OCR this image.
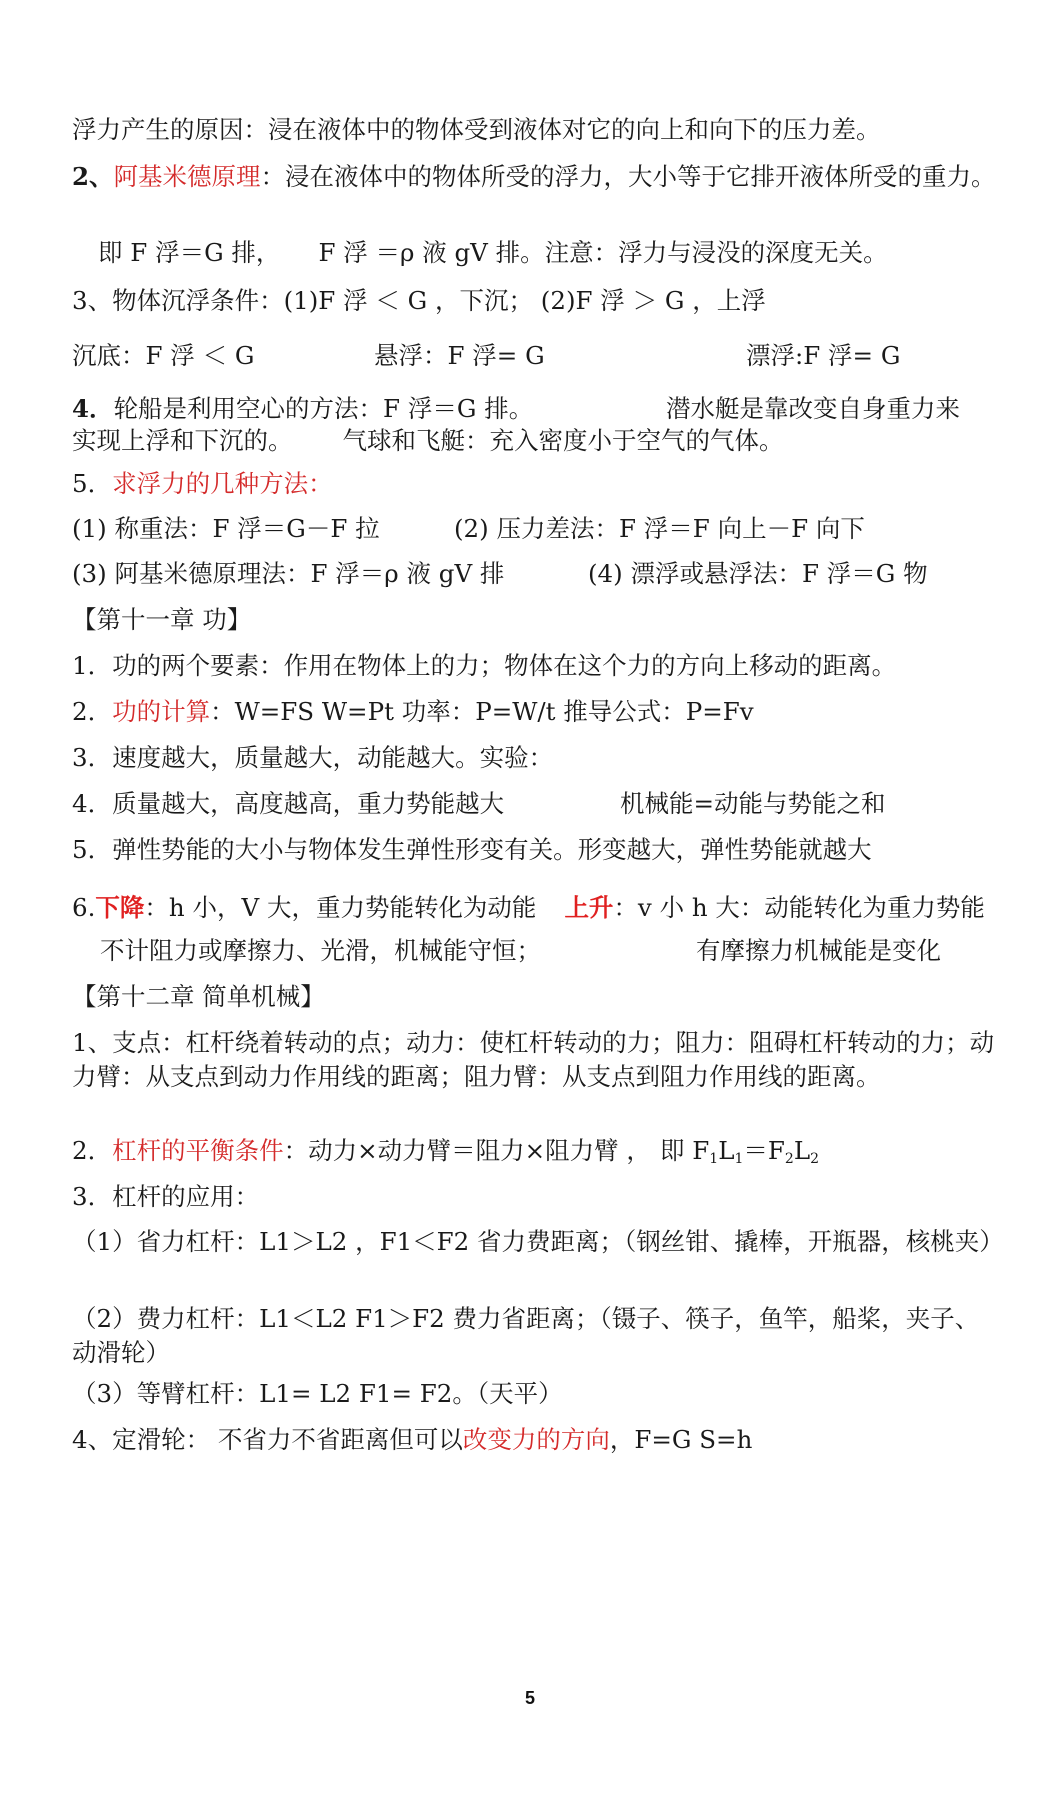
浮力产生的原因：浸在液体中的物体受到液体对它的向上和向下的压力差。
2、阿基米德原理：浸在液体中的物体所受的浮力，大小等于它排开液体所受的重力。
即 F 浮＝G 排， F 浮 ＝ρ 液 gV 排。注意：浮力与浸没的深度无关。
3、物体沉浮条件：(1)F 浮 ＜ G ，下沉； (2)F 浮 ＞ G ，上浮
沉底：F 浮 ＜ G	悬浮：F 浮= G	漂浮:F 浮= G
4．轮船是利用空心的方法：F 浮＝G 排。	潜水艇是靠改变自身重力来
实现上浮和下沉的。 气球和飞艇：充入密度小于空气的气体。
5．求浮力的几种方法：
(1) 称重法：F 浮＝G－F 拉	(2) 压力差法：F 浮＝F 向上－F 向下
(3) 阿基米德原理法：F 浮＝ρ 液 gV 排	(4) 漂浮或悬浮法：F 浮＝G 物
【第十一章 功】
1．功的两个要素：作用在物体上的力；物体在这个力的方向上移动的距离。
2．功的计算：W=FS W=Pt 功率：P=W/t 推导公式：P=Fv
3．速度越大，质量越大，动能越大。实验：
4．质量越大，高度越高，重力势能越大	机械能=动能与势能之和
5．弹性势能的大小与物体发生弹性形变有关。形变越大，弹性势能就越大
6.下降：h 小，V 大，重力势能转化为动能 上升：v 小 h 大：动能转化为重力势能
不计阻力或摩擦力、光滑，机械能守恒；	有摩擦力机械能是变化
【第十二章 简单机械】
1、支点：杠杆绕着转动的点；动力：使杠杆转动的力；阻力：阻碍杠杆转动的力；动力臂：从支点到动力作用线的距离；阻力臂：从支点到阻力作用线的距离。
2．杠杆的平衡条件：动力×动力臂＝阻力×阻力臂 ， 即 $F_1L_1=F_2L_2$
3．杠杆的应用：
（1）省力杠杆：L1＞L2 ，F1＜F2 省力费距离；（钢丝钳、撬棒，开瓶器，核桃夹）
（2）费力杠杆：L1＜L2 F1＞F2 费力省距离；（镊子、筷子，鱼竿，船桨，夹子、动滑轮）
（3）等臂杠杆：L1= L2 F1= F2。（天平）
4、定滑轮： 不省力不省距离但可以改变力的方向，F=G S=h
5
